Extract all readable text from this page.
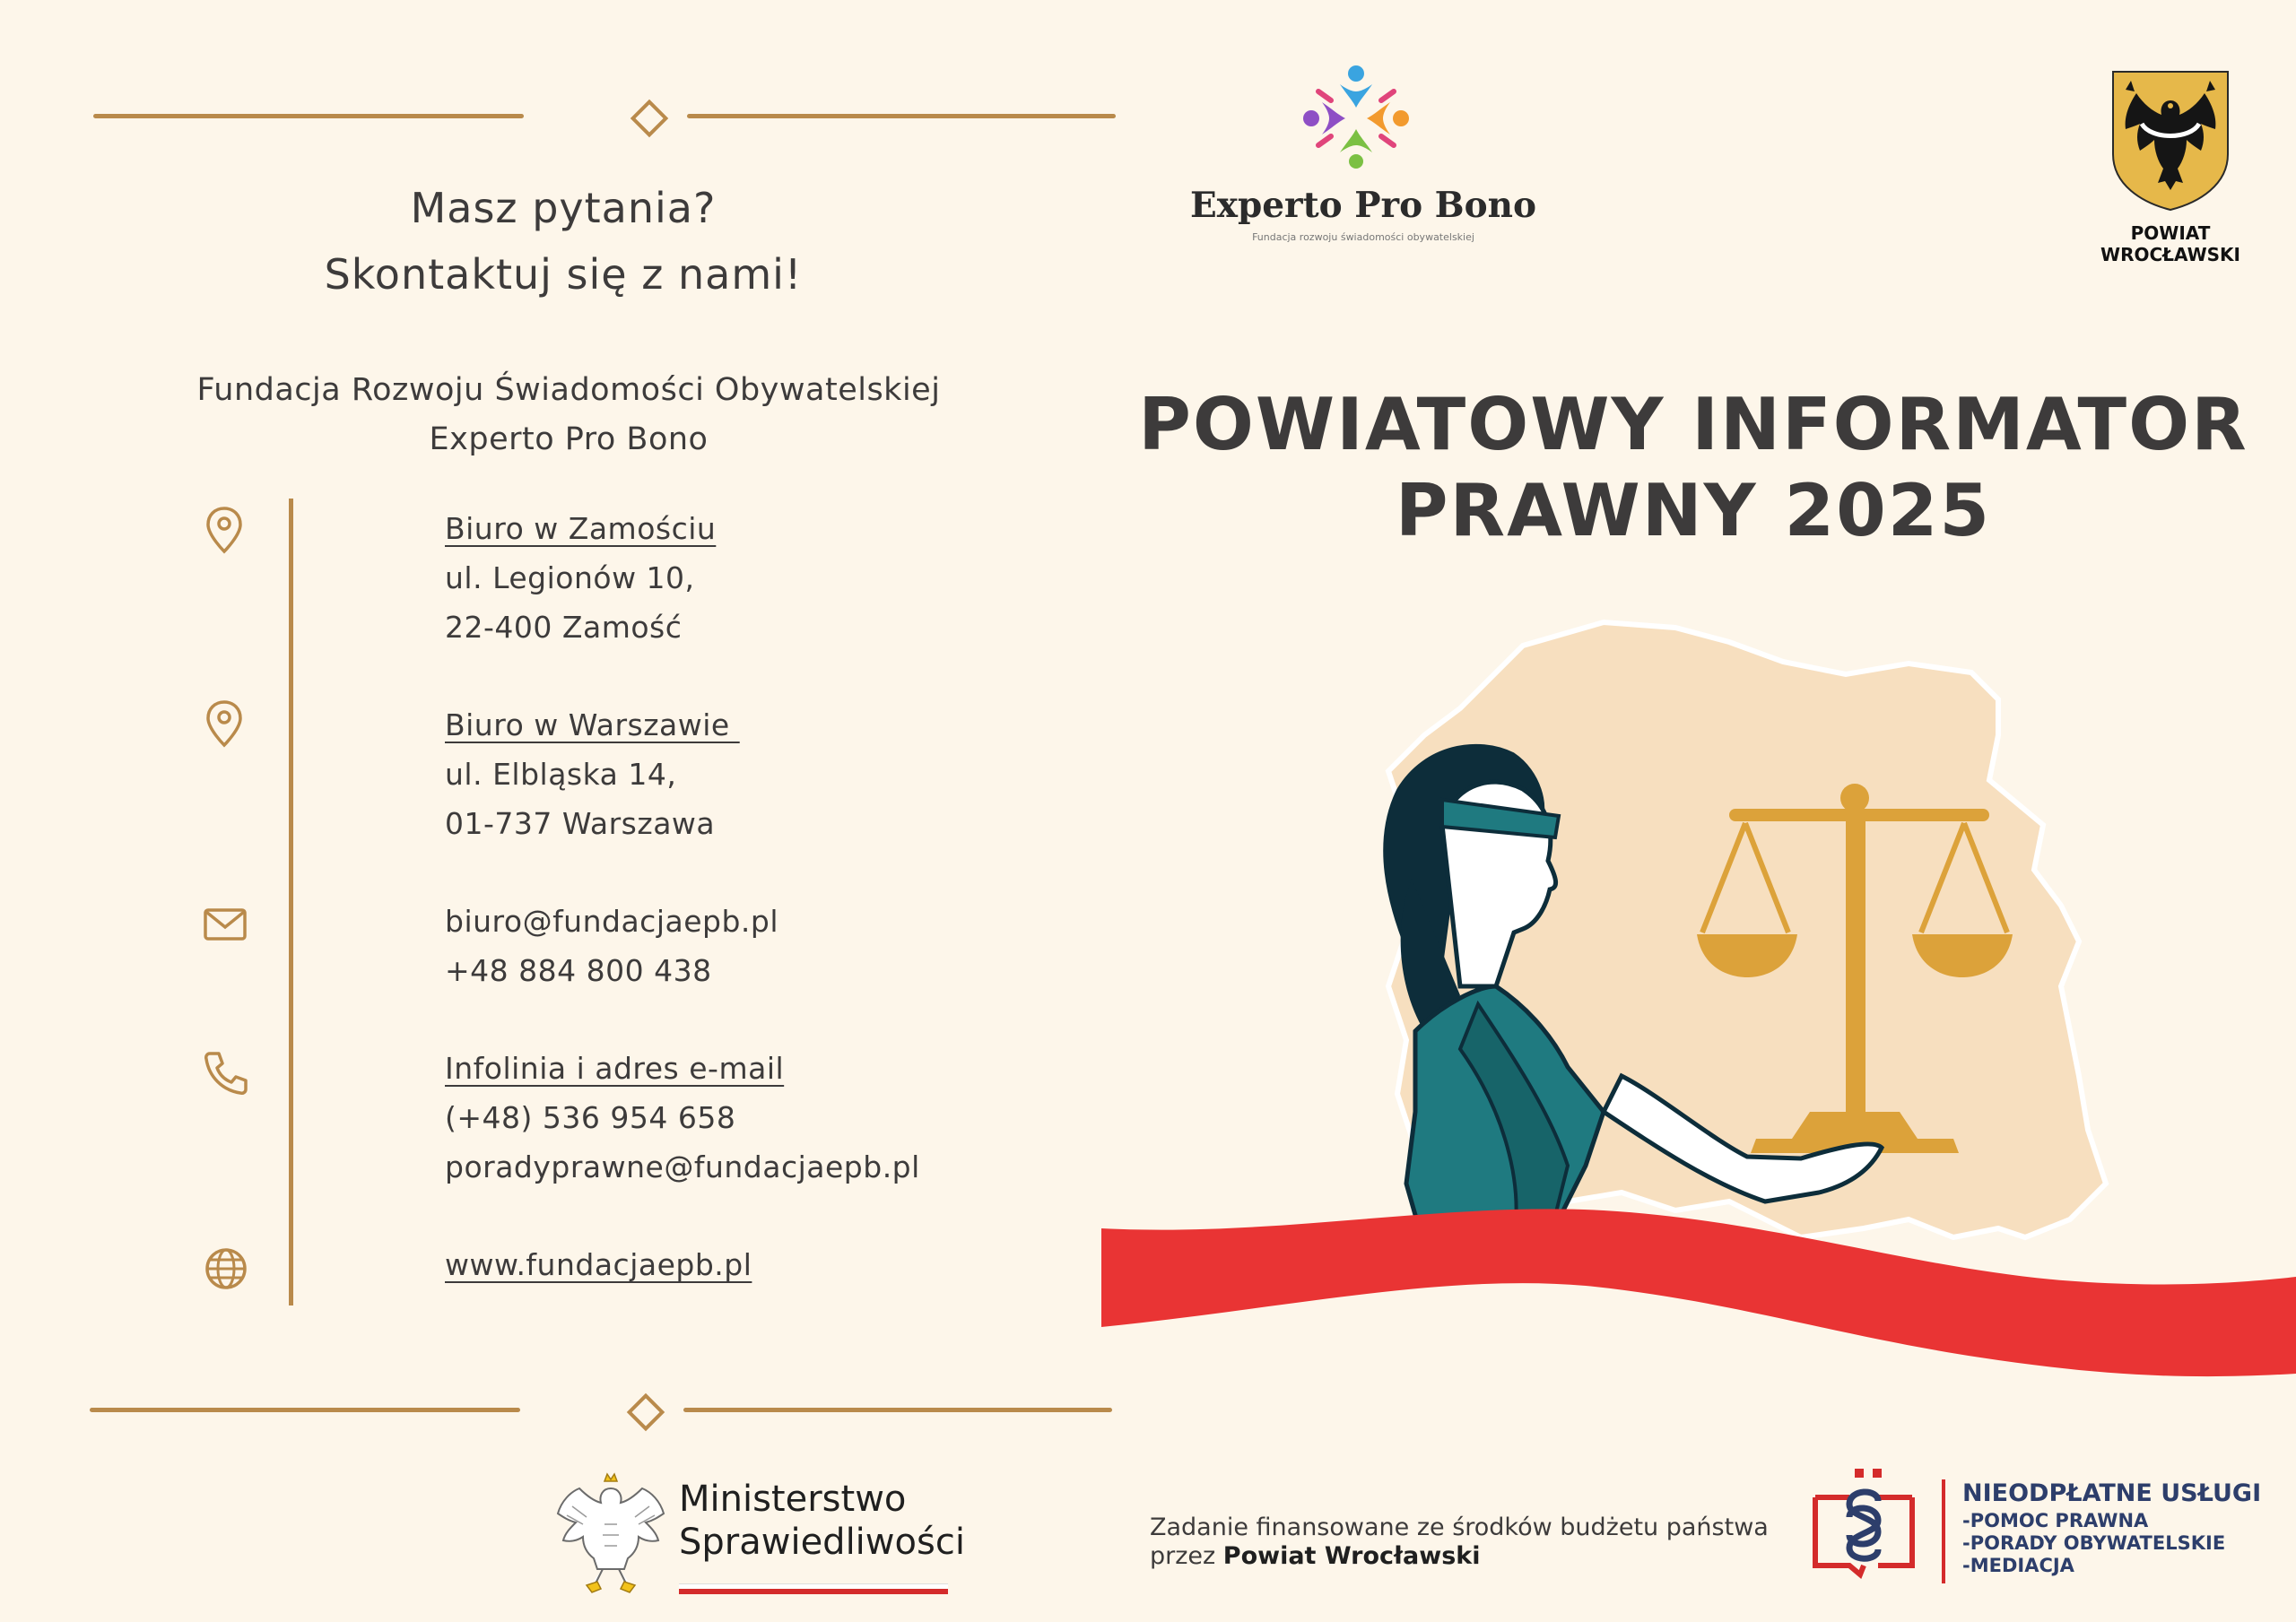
Masz pytania?
Skontaktuj się z nami!
Fundacja Rozwoju Świadomości Obywatelskiej
Experto Pro Bono
Biuro w Zamościu
ul. Legionów 10,
22-400 Zamość
Biuro w Warszawie
ul. Elbląska 14,
01-737 Warszawa
biuro@fundacjaepb.pl
+48 884 800 438
Infolinia i adres e-mail
(+48) 536 954 658
poradyprawne@fundacjaepb.pl
www.fundacjaepb.pl
Ministerstwo
Sprawiedliwości
Experto Pro Bono
Fundacja rozwoju świadomości obywatelskiej	POWIAT
WROCŁAWSKI
POWIATOWY INFORMATOR
PRAWNY 2025
Zadanie finansowane ze środków budżetu państwa
przez Powiat Wrocławski
NIEODPŁATNE USŁUGI
-POMOC PRAWNA
-PORADY OBYWATELSKIE
-MEDIACJA
